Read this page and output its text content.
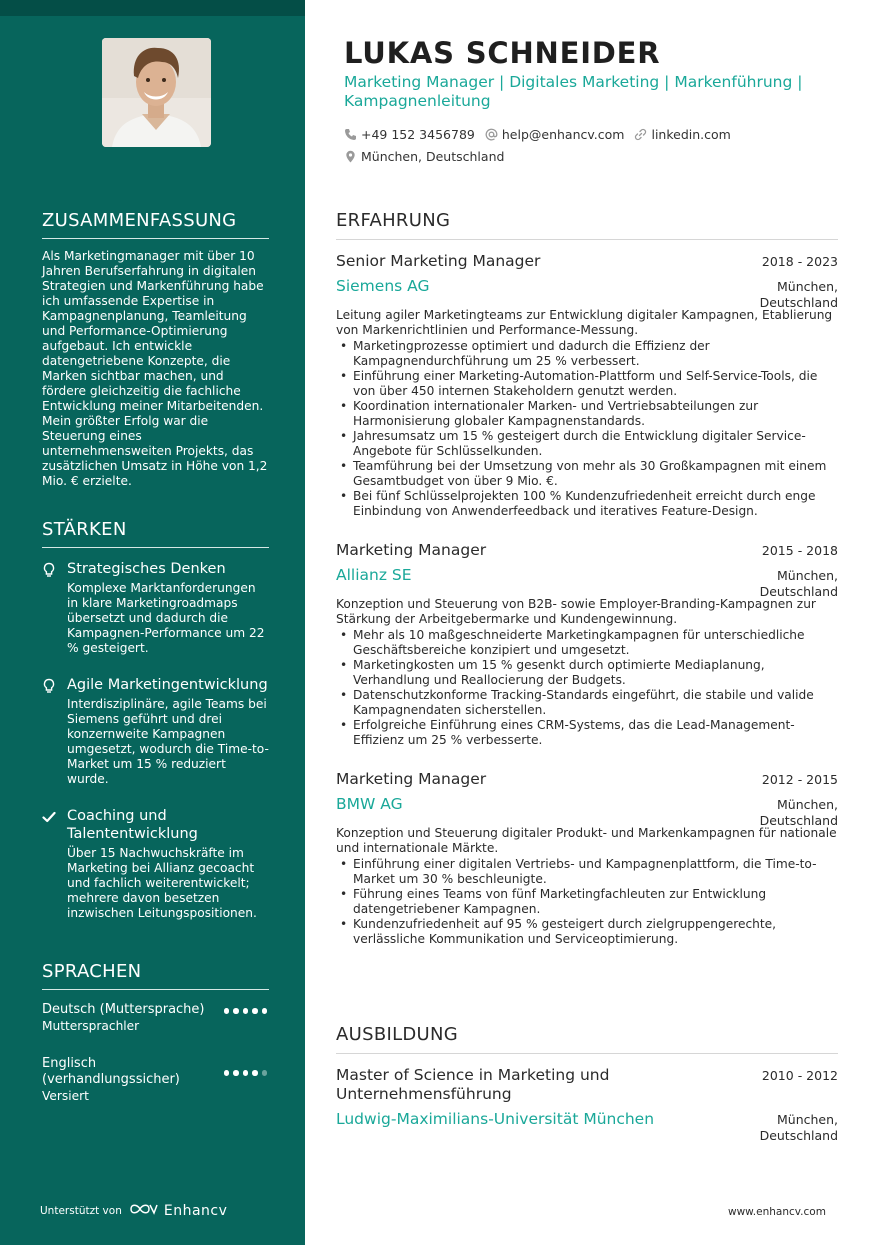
ZUSAMMENFASSUNG
Als Marketingmanager mit über 10 Jahren Berufserfahrung in digitalen Strategien und Markenführung habe ich umfassende Expertise in Kampagnenplanung, Teamleitung und Performance-Optimierung aufgebaut. Ich entwickle datengetriebene Konzepte, die Marken sichtbar machen, und fördere gleichzeitig die fachliche Entwicklung meiner Mitarbeitenden. Mein größter Erfolg war die Steuerung eines unternehmensweiten Projekts, das zusätzlichen Umsatz in Höhe von 1,2 Mio. € erzielte.
STÄRKEN
Strategisches Denken
Komplexe Marktanforderungen in klare Marketingroadmaps übersetzt und dadurch die Kampagnen-Performance um 22 % gesteigert.
Agile Marketingentwicklung
Interdisziplinäre, agile Teams bei Siemens geführt und drei konzernweite Kampagnen umgesetzt, wodurch die Time-to-Market um 15 % reduziert wurde.
Coaching und Talententwicklung
Über 15 Nachwuchskräfte im Marketing bei Allianz gecoacht und fachlich weiterentwickelt; mehrere davon besetzen inzwischen Leitungspositionen.
SPRACHEN
Deutsch (Muttersprache)
Muttersprachler
Englisch (verhandlungssicher)
Versiert
Unterstützt von	Enhancv
LUKAS SCHNEIDER
Marketing Manager | Digitales Marketing | Markenführung | Kampagnenleitung
+49 152 3456789 help@enhancv.com linkedin.com
München, Deutschland
ERFAHRUNG
Senior Marketing Manager	2018 - 2023
Siemens AG	München,
Deutschland
Leitung agiler Marketingteams zur Entwicklung digitaler Kampagnen, Etablierung von Markenrichtlinien und Performance-Messung.
• Marketingprozesse optimiert und dadurch die Effizienz der Kampagnendurchführung um 25 % verbessert.
• Einführung einer Marketing-Automation-Plattform und Self-Service-Tools, die von über 450 internen Stakeholdern genutzt werden.
• Koordination internationaler Marken- und Vertriebsabteilungen zur Harmonisierung globaler Kampagnenstandards.
• Jahresumsatz um 15 % gesteigert durch die Entwicklung digitaler Service-Angebote für Schlüsselkunden.
• Teamführung bei der Umsetzung von mehr als 30 Großkampagnen mit einem Gesamtbudget von über 9 Mio. €.
• Bei fünf Schlüsselprojekten 100 % Kundenzufriedenheit erreicht durch enge Einbindung von Anwenderfeedback und iteratives Feature-Design.
Marketing Manager	2015 - 2018
Allianz SE	München,
Deutschland
Konzeption und Steuerung von B2B- sowie Employer-Branding-Kampagnen zur Stärkung der Arbeitgebermarke und Kundengewinnung.
• Mehr als 10 maßgeschneiderte Marketingkampagnen für unterschiedliche Geschäftsbereiche konzipiert und umgesetzt.
• Marketingkosten um 15 % gesenkt durch optimierte Mediaplanung, Verhandlung und Reallocierung der Budgets.
• Datenschutzkonforme Tracking-Standards eingeführt, die stabile und valide Kampagnendaten sicherstellen.
• Erfolgreiche Einführung eines CRM-Systems, das die Lead-Management-Effizienz um 25 % verbesserte.
Marketing Manager	2012 - 2015
BMW AG	München,
Deutschland
Konzeption und Steuerung digitaler Produkt- und Markenkampagnen für nationale und internationale Märkte.
• Einführung einer digitalen Vertriebs- und Kampagnenplattform, die Time-to-Market um 30 % beschleunigte.
• Führung eines Teams von fünf Marketingfachleuten zur Entwicklung datengetriebener Kampagnen.
• Kundenzufriedenheit auf 95 % gesteigert durch zielgruppengerechte, verlässliche Kommunikation und Serviceoptimierung.
AUSBILDUNG
Master of Science in Marketing und Unternehmensführung
2010 - 2012
Ludwig-Maximilians-Universität München	München,
Deutschland
www.enhancv.com
